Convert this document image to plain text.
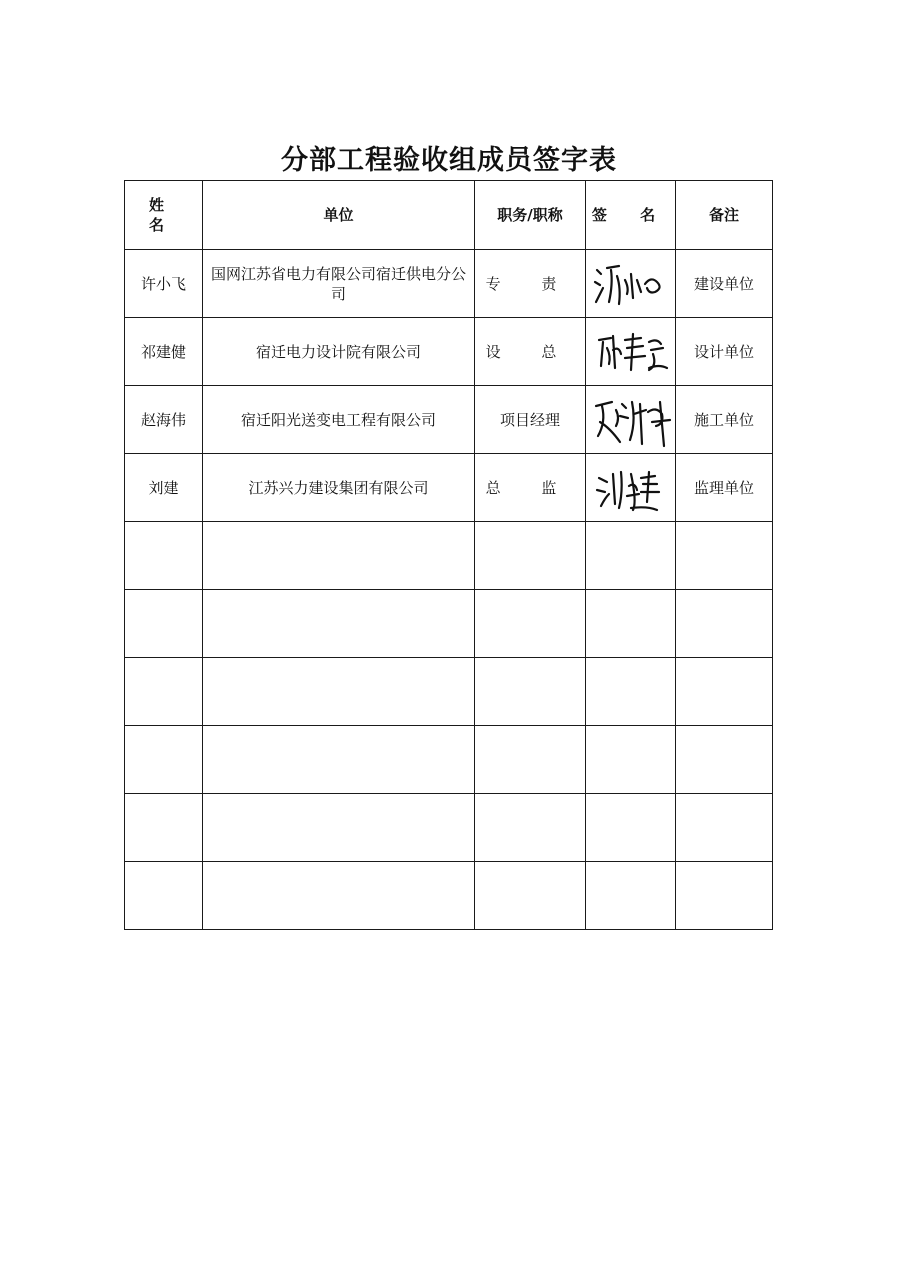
分部工程验收组成员签字表
姓 名	单位	职务/职称	签 名	备注
许小飞	国网江苏省电力有限公司宿迁供电分公司	专 责		建设单位
祁建健	宿迁电力设计院有限公司	设 总		设计单位
赵海伟	宿迁阳光送变电工程有限公司	项目经理		施工单位
刘建	江苏兴力建设集团有限公司	总 监		监理单位
